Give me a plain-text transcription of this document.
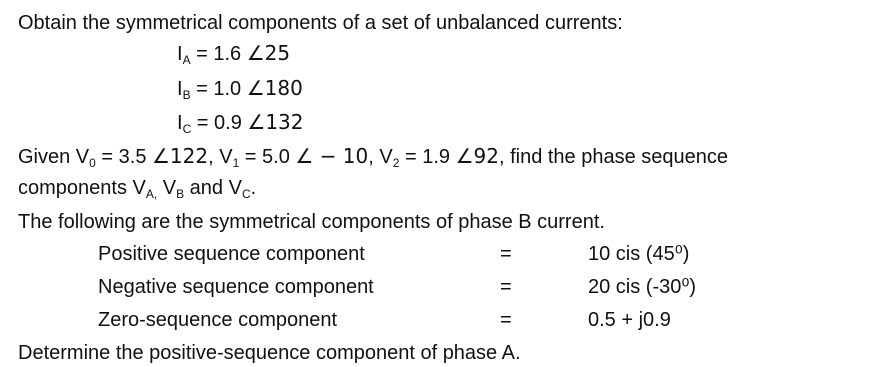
Obtain the symmetrical components of a set of unbalanced currents:
$I_A = 1.6$ ∠25
$I_B = 1.0$ ∠180
$I_C = 0.9$ ∠132
Given $V_0 = 3.5$ ∠122, $V_1 = 5.0$ ∠ − 10, $V_2 = 1.9$ ∠92, find the phase sequence
components $V_{A,}$ $V_B$ and $V_C$.
The following are the symmetrical components of phase B current.
Positive sequence component	=	10 cis (45⁰)
Negative sequence component	=	20 cis (-30⁰)
Zero-sequence component	=	0.5 + j0.9
Determine the positive-sequence component of phase A.
